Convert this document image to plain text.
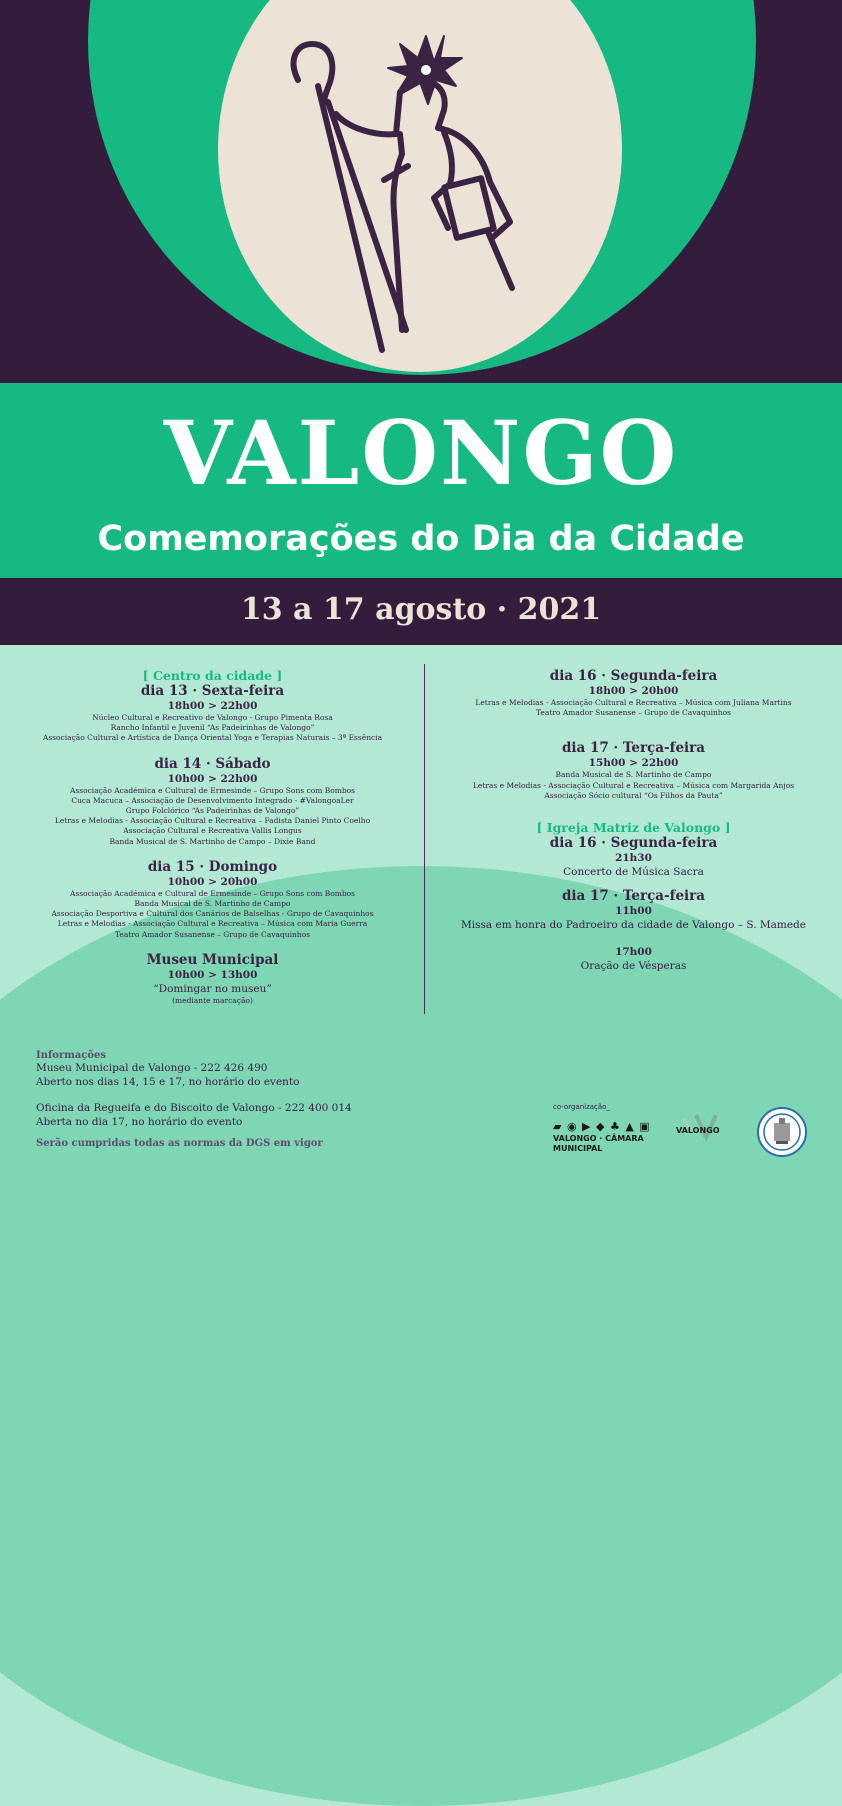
VALONGO
Comemorações do Dia da Cidade
13 a 17 agosto · 2021
[ Centro da cidade ]
dia 13 · Sexta-feira
18h00 > 22h00
Núcleo Cultural e Recreativo de Valongo - Grupo Pimenta Rosa
Rancho Infantil e Juvenil “As Padeirinhas de Valongo”
Associação Cultural e Artística de Dança Oriental Yoga e Terapias Naturais – 3ª Essência
dia 14 · Sábado
10h00 > 22h00
Associação Académica e Cultural de Ermesinde – Grupo Sons com Bombos
Cuca Macuca – Associação de Desenvolvimento Integrado - #ValongoaLer
Grupo Folclórico “As Padeirinhas de Valongo”
Letras e Melodias - Associação Cultural e Recreativa – Fadista Daniel Pinto Coelho
Associação Cultural e Recreativa Vallis Longus
Banda Musical de S. Martinho de Campo – Dixie Band
dia 15 · Domingo
10h00 > 20h00
Associação Académica e Cultural de Ermesinde – Grupo Sons com Bombos
Banda Musical de S. Martinho de Campo
Associação Desportiva e Cultural dos Canários de Balselhas - Grupo de Cavaquinhos
Letras e Melodias - Associação Cultural e Recreativa – Música com Maria Guerra
Teatro Amador Susanense – Grupo de Cavaquinhos
Museu Municipal
10h00 > 13h00
“Domingar no museu”
(mediante marcação)
dia 16 · Segunda-feira
18h00 > 20h00
Letras e Melodias - Associação Cultural e Recreativa – Música com Juliana Martins
Teatro Amador Susanense – Grupo de Cavaquinhos
dia 17 · Terça-feira
15h00 > 22h00
Banda Musical de S. Martinho de Campo
Letras e Melodias - Associação Cultural e Recreativa – Música com Margarida Anjos
Associação Sócio cultural “Os Filhos da Pauta”
[ Igreja Matriz de Valongo ]
dia 16 · Segunda-feira
21h30
Concerto de Música Sacra
dia 17 · Terça-feira
11h00
Missa em honra do Padroeiro da cidade de Valongo – S. Mamede
17h00
Oração de Vésperas
Informações
Museu Municipal de Valongo - 222 426 490
Aberto nos dias 14, 15 e 17, no horário do evento
Oficina da Regueifa e do Biscoito de Valongo - 222 400 014
Aberta no dia 17, no horário do evento
Serão cumpridas todas as normas da DGS em vigor
co-organização_
▰ ◉ ▶ ◆ ♣ ▲ ▣
VALONGO · CÂMARA MUNICIPAL
VALONGO
